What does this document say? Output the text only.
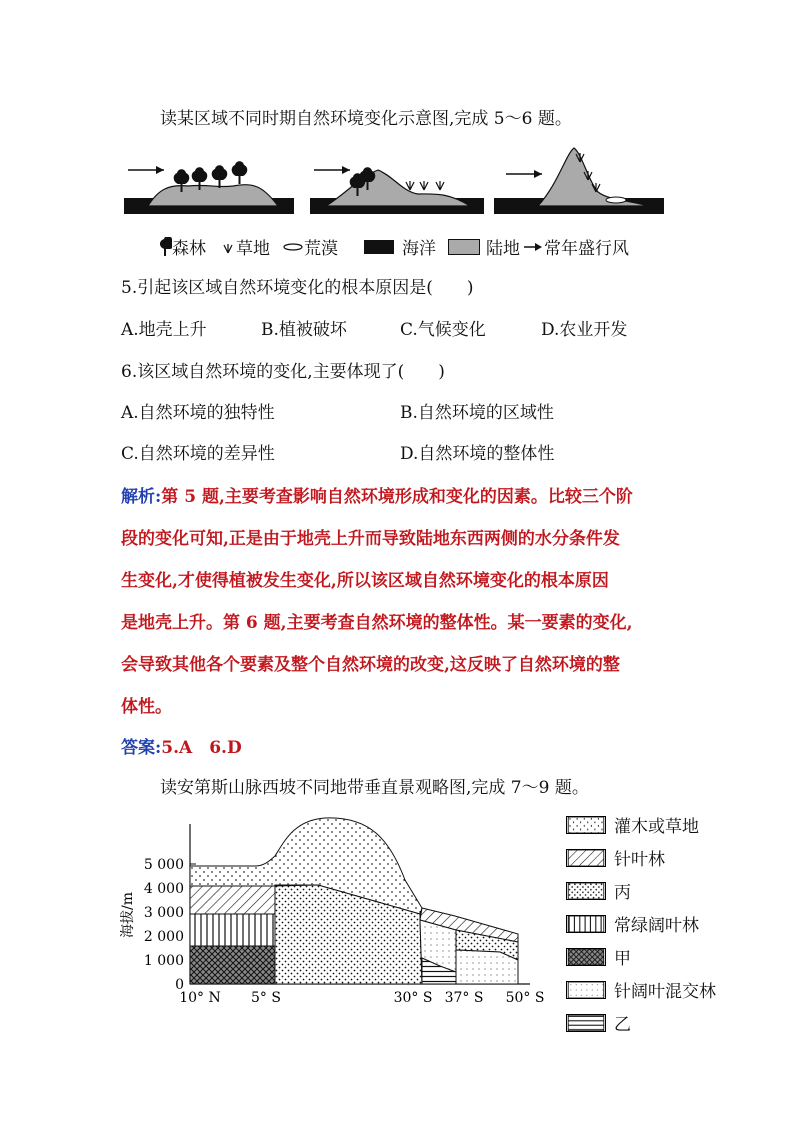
读某区域不同时期自然环境变化示意图,完成 5～6 题。
森林 草地 荒漠	海洋	陆地 常年盛行风
5.引起该区域自然环境变化的根本原因是(　　)
A.地壳上升	B.植被破坏	C.气候变化	D.农业开发
6.该区域自然环境的变化,主要体现了(　　)
A.自然环境的独特性	B.自然环境的区域性
C.自然环境的差异性	D.自然环境的整体性
解析:第 5 题,主要考查影响自然环境形成和变化的因素。比较三个阶
段的变化可知,正是由于地壳上升而导致陆地东西两侧的水分条件发
生变化,才使得植被发生变化,所以该区域自然环境变化的根本原因
是地壳上升。第 6 题,主要考查自然环境的整体性。某一要素的变化,
会导致其他各个要素及整个自然环境的改变,这反映了自然环境的整
体性。
答案:5.A　6.D
读安第斯山脉西坡不同地带垂直景观略图,完成 7～9 题。
5 000
4 000
3 000
2 000
1 000
0
海拔/m
10° N 5° S	30° S 37° S 50° S
灌木或草地
针叶林
丙
常绿阔叶林
甲
针阔叶混交林
乙
